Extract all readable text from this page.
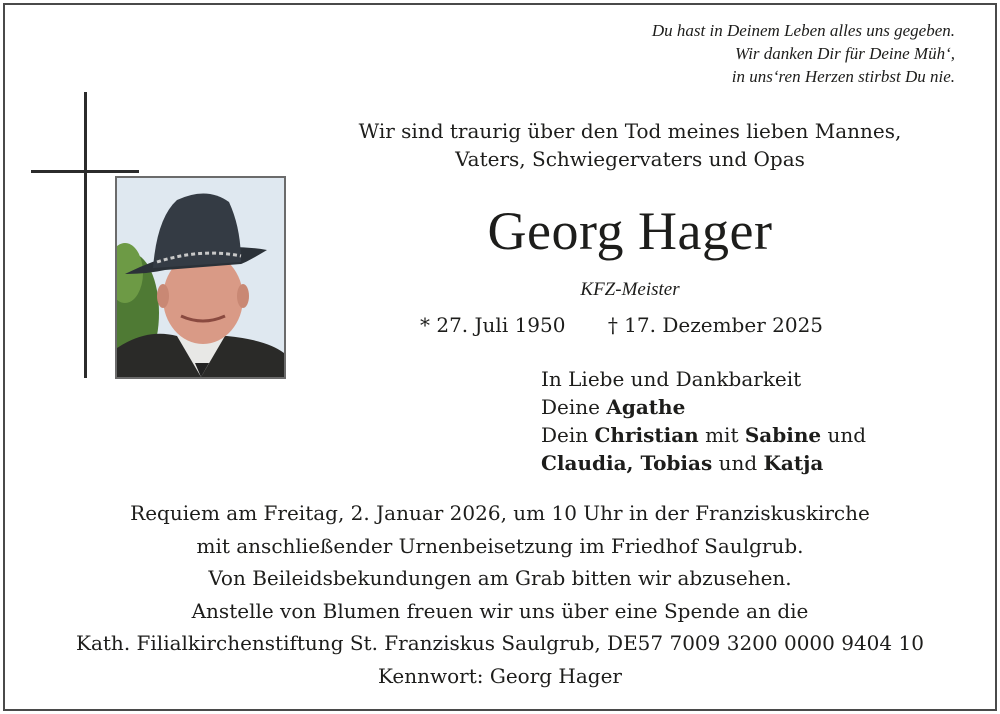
Du hast in Deinem Leben alles uns gegeben.
Wir danken Dir für Deine Müh‘,
in uns‘ren Herzen stirbst Du nie.
Wir sind traurig über den Tod meines lieben Mannes,
Vaters, Schwiegervaters und Opas
Georg Hager
KFZ-Meister
* 27. Juli 1950 † 17. Dezember 2025
In Liebe und Dankbarkeit
Deine Agathe
Dein Christian mit Sabine und
Claudia, Tobias und Katja
Requiem am Freitag, 2. Januar 2026, um 10 Uhr in der Franziskuskirche
mit anschließender Urnenbeisetzung im Friedhof Saulgrub.
Von Beileidsbekundungen am Grab bitten wir abzusehen.
Anstelle von Blumen freuen wir uns über eine Spende an die
Kath. Filialkirchenstiftung St. Franziskus Saulgrub, DE57 7009 3200 0000 9404 10
Kennwort: Georg Hager
